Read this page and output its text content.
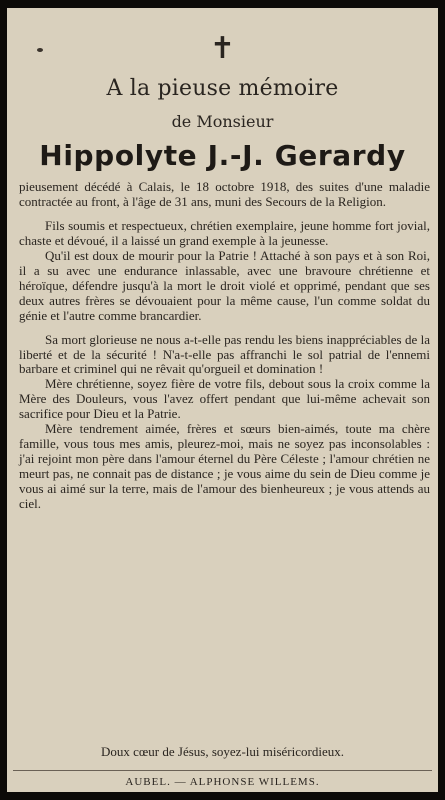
✝
A la pieuse mémoire
de Monsieur
Hippolyte J.-J. Gerardy

pieusement décédé à Calais, le 18 octobre 1918, des suites d'une maladie contractée au front, à l'âge de 31 ans, muni des Secours de la Religion.

Fils soumis et respectueux, chrétien exemplaire, jeune homme fort jovial, chaste et dévoué, il a laissé un grand exemple à la jeunesse.

Qu'il est doux de mourir pour la Patrie ! Attaché à son pays et à son Roi, il a su avec une endurance inlassable, avec une bravoure chrétienne et héroïque, défendre jusqu'à la mort le droit violé et opprimé, pendant que ses deux autres frères se dévouaient pour la même cause, l'un comme soldat du génie et l'autre comme brancardier.

Sa mort glorieuse ne nous a-t-elle pas rendu les biens inappréciables de la liberté et de la sécurité ! N'a-t-elle pas affranchi le sol patrial de l'ennemi barbare et criminel qui ne rêvait qu'orgueil et domination !

Mère chrétienne, soyez fière de votre fils, debout sous la croix comme la Mère des Douleurs, vous l'avez offert pendant que lui-même achevait son sacrifice pour Dieu et la Patrie.

Mère tendrement aimée, frères et sœurs bien-aimés, toute ma chère famille, vous tous mes amis, pleurez-moi, mais ne soyez pas inconsolables : j'ai rejoint mon père dans l'amour éternel du Père Céleste ; l'amour chrétien ne meurt pas, ne connait pas de distance ; je vous aime du sein de Dieu comme je vous ai aimé sur la terre, mais de l'amour des bienheureux ; je vous attends au ciel.

Doux cœur de Jésus, soyez-lui miséricordieux.
AUBEL. — ALPHONSE WILLEMS.
